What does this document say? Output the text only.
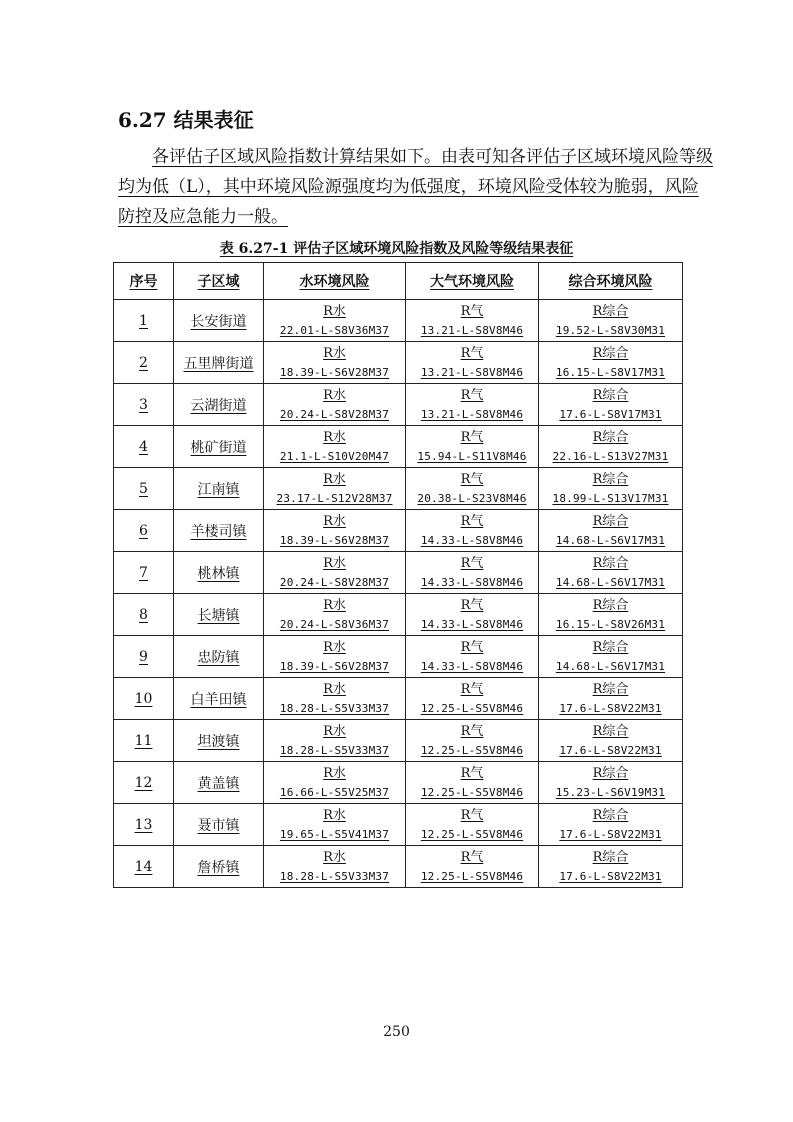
6.27 结果表征

各评估子区域风险指数计算结果如下。由表可知各评估子区域环境风险等级
均为低（L），其中环境风险源强度均为低强度，环境风险受体较为脆弱，风险
防控及应急能力一般。

表 6.27-1 评估子区域环境风险指数及风险等级结果表征

序号	子区域	水环境风险	大气环境风险	综合环境风险
1	长安街道	R水
22.01-L-S8V36M37	R气
13.21-L-S8V8M46	R综合
19.52-L-S8V30M31

2	五里牌街道	R水
18.39-L-S6V28M37	R气
13.21-L-S8V8M46	R综合
16.15-L-S8V17M31

3	云湖街道	R水
20.24-L-S8V28M37	R气
13.21-L-S8V8M46	R综合
17.6-L-S8V17M31

4	桃矿街道	R水
21.1-L-S10V20M47	R气
15.94-L-S11V8M46	R综合
22.16-L-S13V27M31

5	江南镇	R水
23.17-L-S12V28M37	R气
20.38-L-S23V8M46	R综合
18.99-L-S13V17M31

6	羊楼司镇	R水
18.39-L-S6V28M37	R气
14.33-L-S8V8M46	R综合
14.68-L-S6V17M31

7	桃林镇	R水
20.24-L-S8V28M37	R气
14.33-L-S8V8M46	R综合
14.68-L-S6V17M31

8	长塘镇	R水
20.24-L-S8V36M37	R气
14.33-L-S8V8M46	R综合
16.15-L-S8V26M31

9	忠防镇	R水
18.39-L-S6V28M37	R气
14.33-L-S8V8M46	R综合
14.68-L-S6V17M31

10	白羊田镇	R水
18.28-L-S5V33M37	R气
12.25-L-S5V8M46	R综合
17.6-L-S8V22M31

11	坦渡镇	R水
18.28-L-S5V33M37	R气
12.25-L-S5V8M46	R综合
17.6-L-S8V22M31

12	黄盖镇	R水
16.66-L-S5V25M37	R气
12.25-L-S5V8M46	R综合
15.23-L-S6V19M31

13	聂市镇	R水
19.65-L-S5V41M37	R气
12.25-L-S5V8M46	R综合
17.6-L-S8V22M31

14	詹桥镇	R水
18.28-L-S5V33M37	R气
12.25-L-S5V8M46	R综合
17.6-L-S8V22M31
250
